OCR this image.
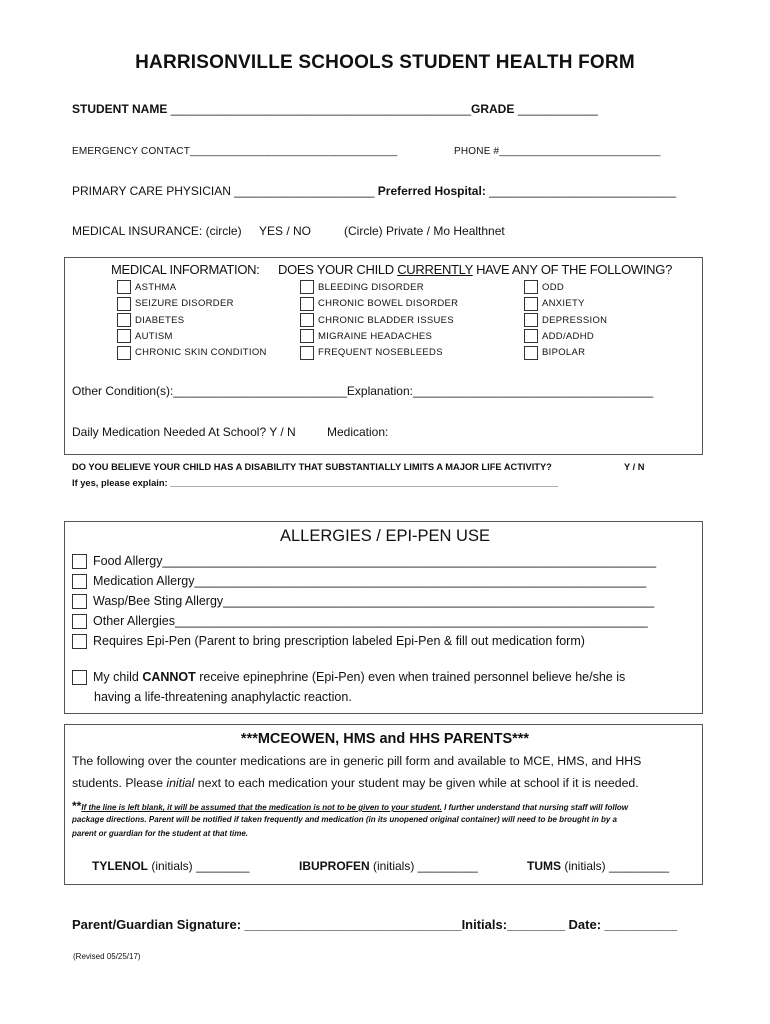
HARRISONVILLE SCHOOLS STUDENT HEALTH FORM
STUDENT NAME _____________________________________________GRADE ____________
EMERGENCY CONTACT____________________________________	PHONE #____________________________
PRIMARY CARE PHYSICIAN _____________________ Preferred Hospital: ____________________________
MEDICAL INSURANCE: (circle) YES / NO	(Circle) Private / Mo Healthnet
MEDICAL INFORMATION: DOES YOUR CHILD CURRENTLY HAVE ANY OF THE FOLLOWING?
ASTHMA
SEIZURE DISORDER
DIABETES
AUTISM
CHRONIC SKIN CONDITION
BLEEDING DISORDER
CHRONIC BOWEL DISORDER
CHRONIC BLADDER ISSUES
MIGRAINE HEADACHES
FREQUENT NOSEBLEEDS
ODD
ANXIETY
DEPRESSION
ADD/ADHD
BIPOLAR
Other Condition(s):__________________________Explanation:____________________________________
Daily Medication Needed At School? Y / N	Medication:
DO YOU BELIEVE YOUR CHILD HAS A DISABILITY THAT SUBSTANTIALLY LIMITS A MAJOR LIFE ACTIVITY?	Y / N
If yes, please explain: ___________________________________________________________________________
ALLERGIES / EPI-PEN USE
Food Allergy_______________________________________________________________________
Medication Allergy_________________________________________________________________
Wasp/Bee Sting Allergy______________________________________________________________
Other Allergies____________________________________________________________________
Requires Epi-Pen (Parent to bring prescription labeled Epi-Pen & fill out medication form)
My child CANNOT receive epinephrine (Epi-Pen) even when trained personnel believe he/she is
having a life-threatening anaphylactic reaction.
***MCEOWEN, HMS and HHS PARENTS***
The following over the counter medications are in generic pill form and available to MCE, HMS, and HHS
students. Please initial next to each medication your student may be given while at school if it is needed.
**If the line is left blank, it will be assumed that the medication is not to be given to your student. I further understand that nursing staff will follow
package directions. Parent will be notified if taken frequently and medication (in its unopened original container) will need to be brought in by a
parent or guardian for the student at that time.
TYLENOL (initials) ________	IBUPROFEN (initials) _________	TUMS (initials) _________
Parent/Guardian Signature: ______________________________Initials:________ Date: __________
(Revised 05/25/17)
